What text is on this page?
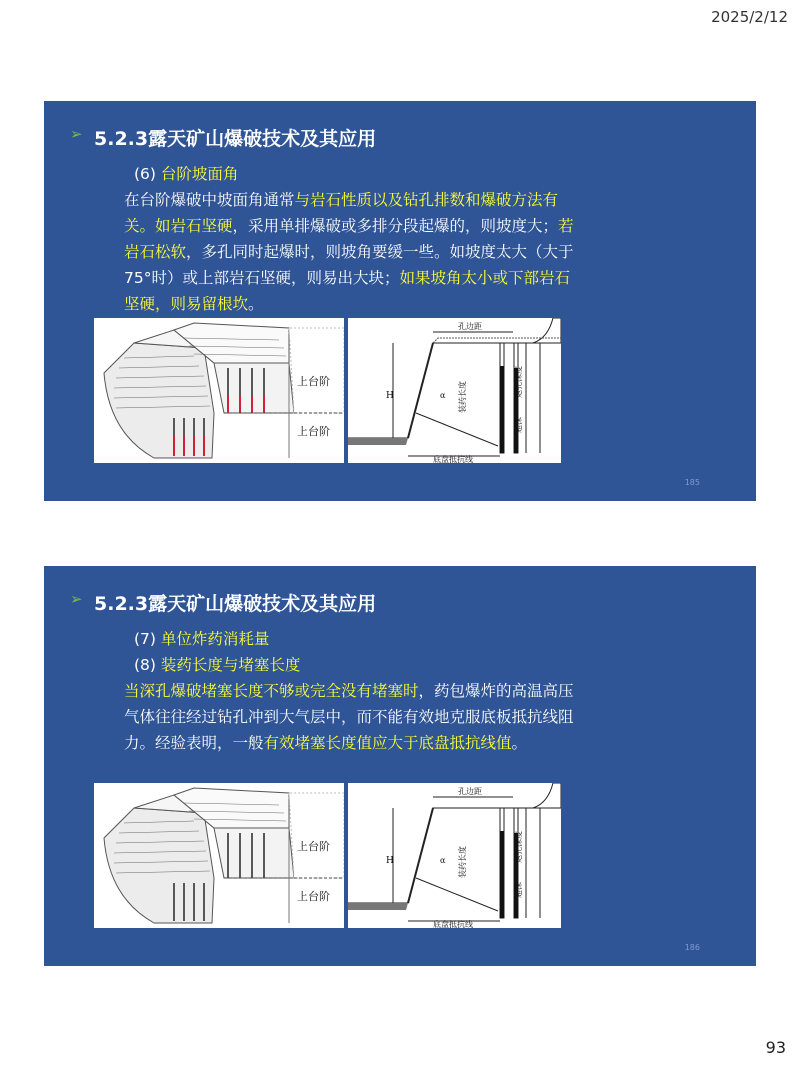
2025/2/12
➢ 5.2.3露天矿山爆破技术及其应用

(6) 台阶坡面角

在台阶爆破中坡面角通常与岩石性质以及钻孔排数和爆破方法有关。如岩石坚硬，采用单排爆破或多排分段起爆的，则坡度大；若岩石松软，多孔同时起爆时，则坡角要缓一些。如坡度太大（大于75°时）或上部岩石坚硬，则易出大块；如果坡角太小或下部岩石坚硬，则易留根坎。

上台阶
上台阶
孔边距
H	α
底盘抵抗线
装药长度	炮孔深度
超深
185
➢ 5.2.3露天矿山爆破技术及其应用

(7) 单位炸药消耗量

(8) 装药长度与堵塞长度

当深孔爆破堵塞长度不够或完全没有堵塞时，药包爆炸的高温高压气体往往经过钻孔冲到大气层中，而不能有效地克服底板抵抗线阻力。经验表明，一般有效堵塞长度值应大于底盘抵抗线值。

上台阶
上台阶
孔边距
H	α
底盘抵抗线
装药长度	炮孔深度
超深
186
93
